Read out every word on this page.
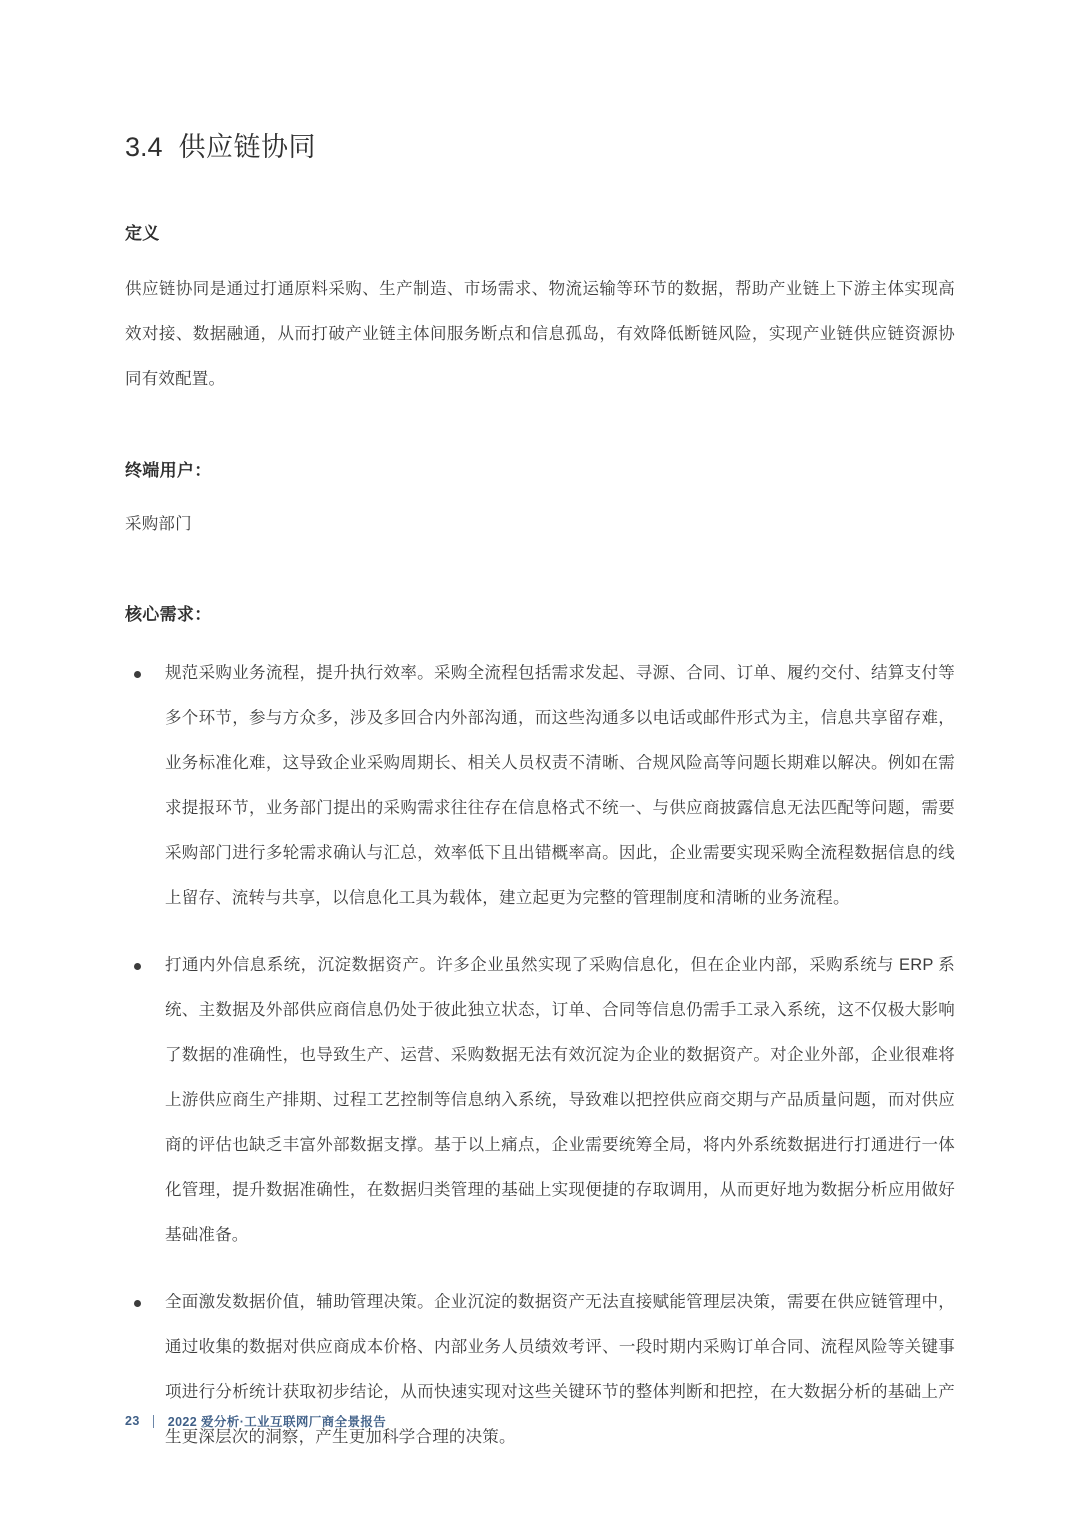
3.4 供应链协同
定义

供应链协同是通过打通原料采购、生产制造、市场需求、物流运输等环节的数据，帮助产业链上下游主体实现高效对接、数据融通，从而打破产业链主体间服务断点和信息孤岛，有效降低断链风险，实现产业链供应链资源协同有效配置。

终端用户：

采购部门

核心需求：
规范采购业务流程，提升执行效率。采购全流程包括需求发起、寻源、合同、订单、履约交付、结算支付等多个环节，参与方众多，涉及多回合内外部沟通，而这些沟通多以电话或邮件形式为主，信息共享留存难，业务标准化难，这导致企业采购周期长、相关人员权责不清晰、合规风险高等问题长期难以解决。例如在需求提报环节，业务部门提出的采购需求往往存在信息格式不统一、与供应商披露信息无法匹配等问题，需要采购部门进行多轮需求确认与汇总，效率低下且出错概率高。因此，企业需要实现采购全流程数据信息的线上留存、流转与共享，以信息化工具为载体，建立起更为完整的管理制度和清晰的业务流程。
打通内外信息系统，沉淀数据资产。许多企业虽然实现了采购信息化，但在企业内部，采购系统与 ERP 系统、主数据及外部供应商信息仍处于彼此独立状态，订单、合同等信息仍需手工录入系统，这不仅极大影响了数据的准确性，也导致生产、运营、采购数据无法有效沉淀为企业的数据资产。对企业外部，企业很难将上游供应商生产排期、过程工艺控制等信息纳入系统，导致难以把控供应商交期与产品质量问题，而对供应商的评估也缺乏丰富外部数据支撑。基于以上痛点，企业需要统筹全局，将内外系统数据进行打通进行一体化管理，提升数据准确性，在数据归类管理的基础上实现便捷的存取调用，从而更好地为数据分析应用做好基础准备。
全面激发数据价值，辅助管理决策。企业沉淀的数据资产无法直接赋能管理层决策，需要在供应链管理中，通过收集的数据对供应商成本价格、内部业务人员绩效考评、一段时期内采购订单合同、流程风险等关键事项进行分析统计获取初步结论，从而快速实现对这些关键环节的整体判断和把控，在大数据分析的基础上产生更深层次的洞察，产生更加科学合理的决策。
23 2022 爱分析·工业互联网厂商全景报告
